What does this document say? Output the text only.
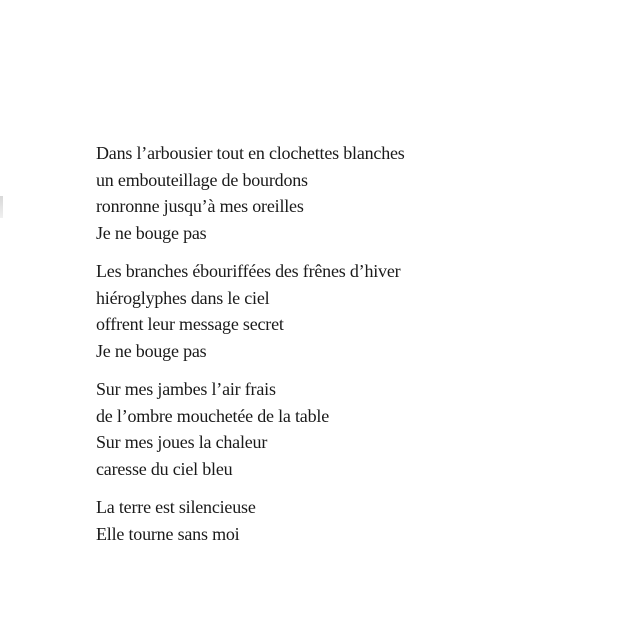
Dans l’arbousier tout en clochettes blanches
un embouteillage de bourdons
ronronne jusqu’à mes oreilles
Je ne bouge pas
Les branches ébouriffées des frênes d’hiver
hiéroglyphes dans le ciel
offrent leur message secret
Je ne bouge pas
Sur mes jambes l’air frais
de l’ombre mouchetée de la table
Sur mes joues la chaleur
caresse du ciel bleu
La terre est silencieuse
Elle tourne sans moi
